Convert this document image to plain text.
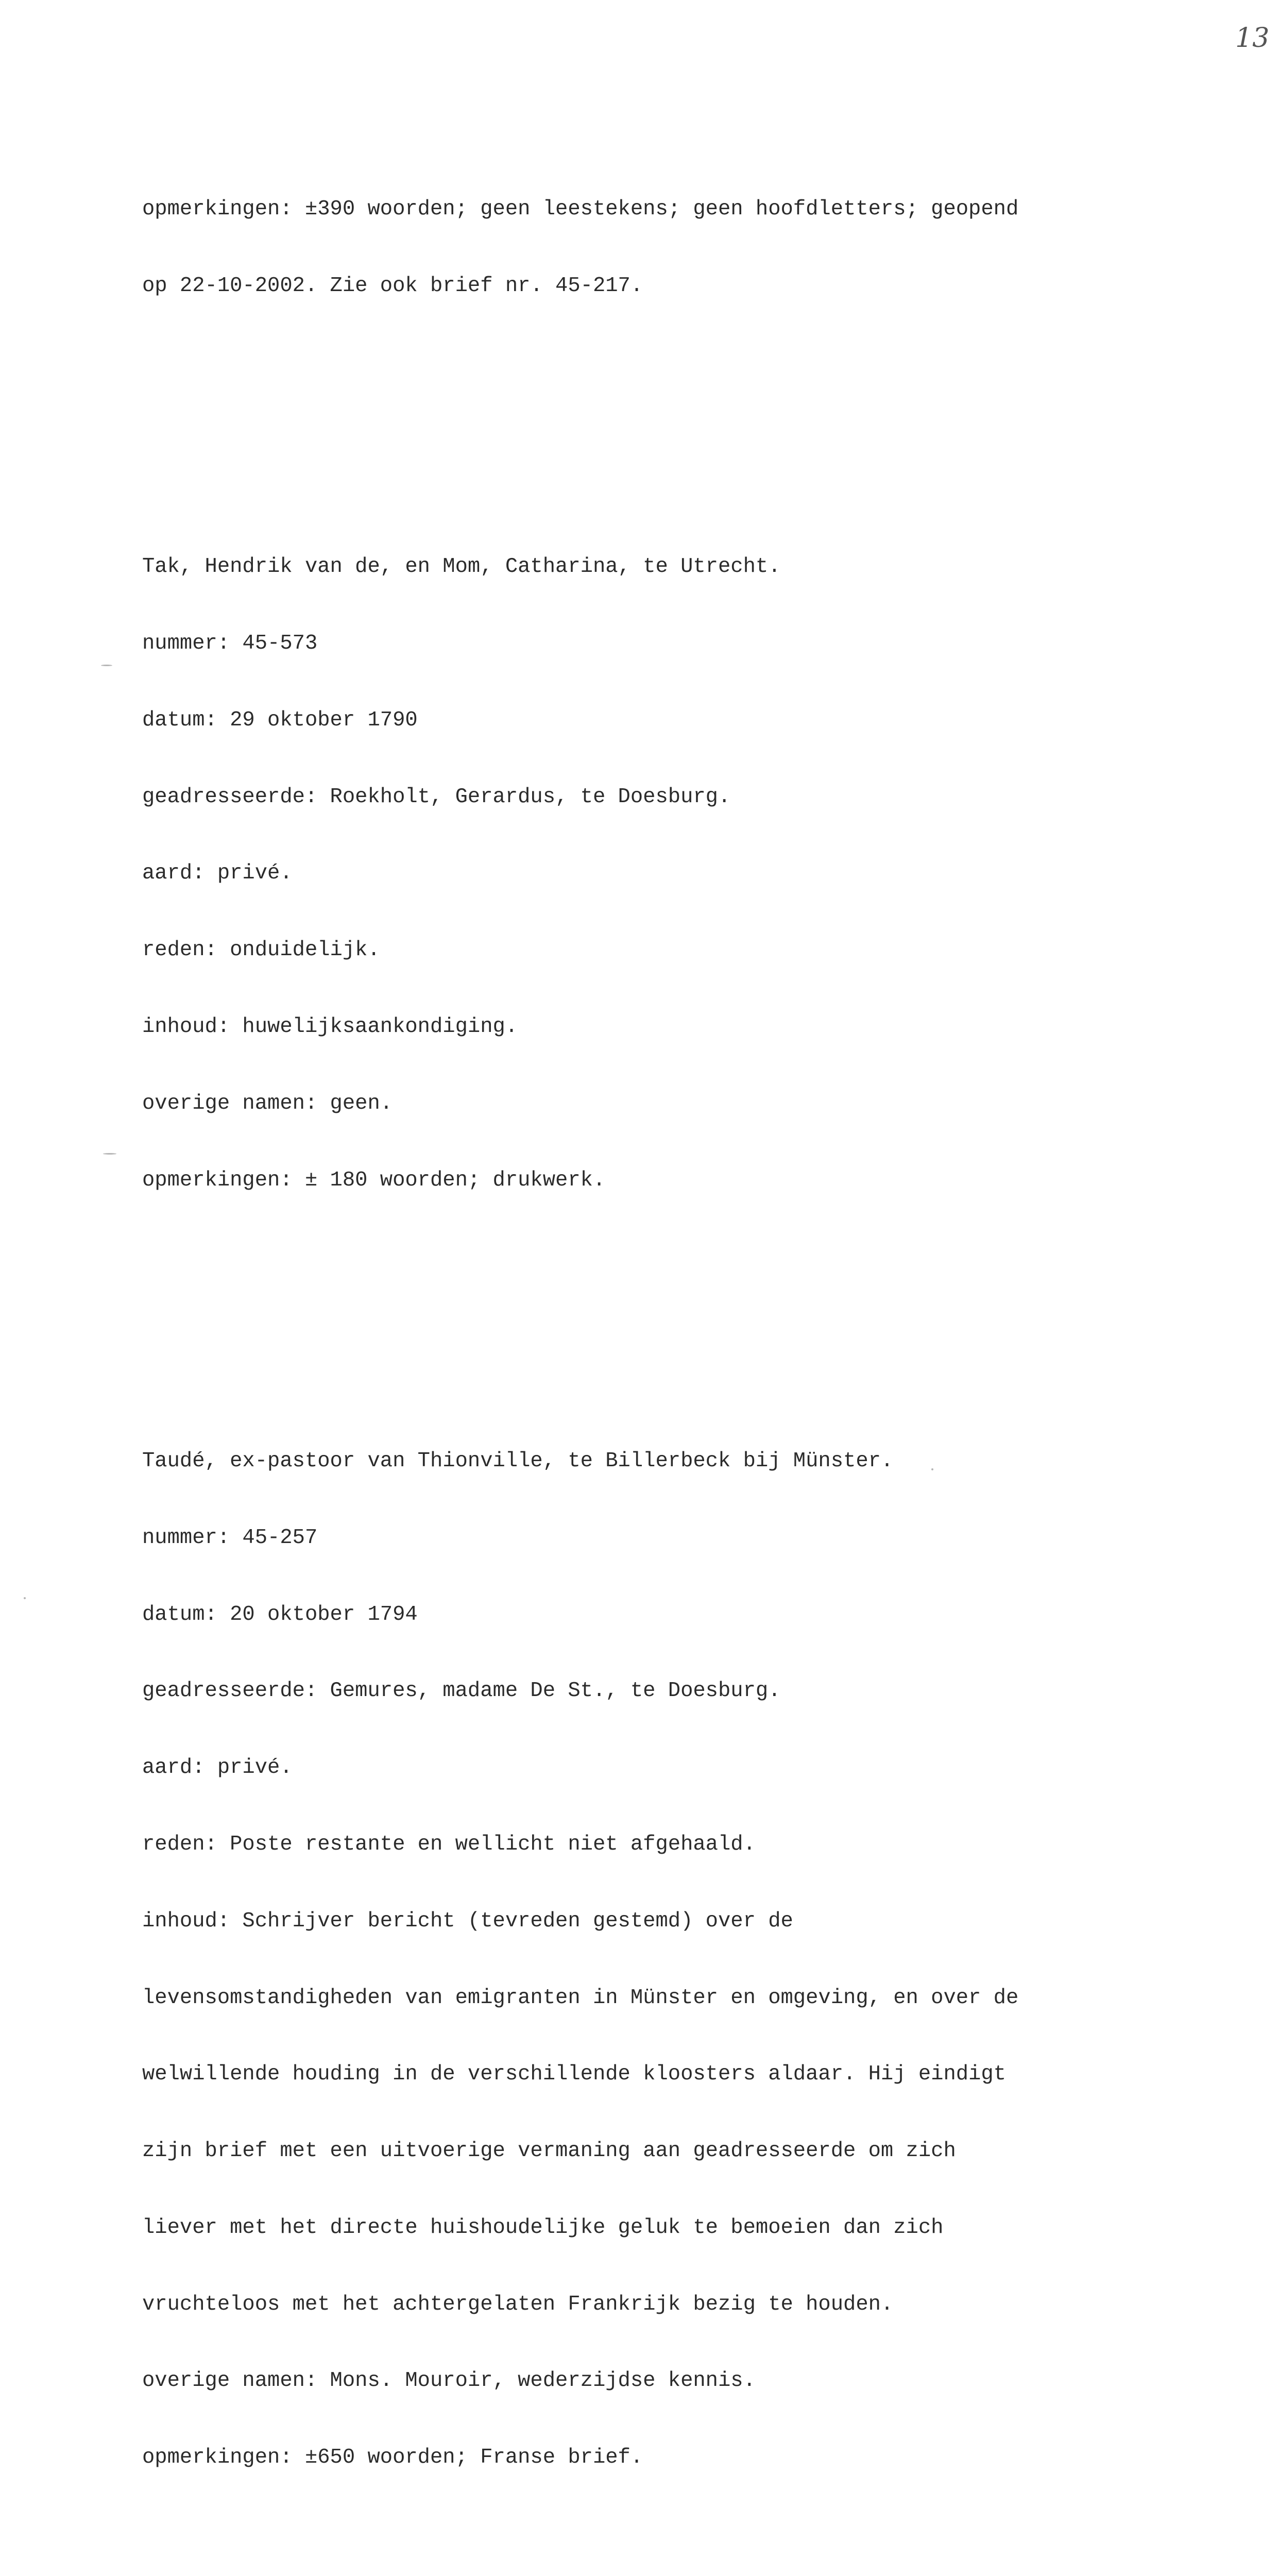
13

opmerkingen: ±390 woorden; geen leestekens; geen hoofdletters; geopend

op 22-10-2002. Zie ook brief nr. 45-217.

Tak, Hendrik van de, en Mom, Catharina, te Utrecht.

nummer: 45-573

datum: 29 oktober 1790

geadresseerde: Roekholt, Gerardus, te Doesburg.

aard: privé.

reden: onduidelijk.

inhoud: huwelijksaankondiging.

overige namen: geen.

opmerkingen: ± 180 woorden; drukwerk.

Taudé, ex-pastoor van Thionville, te Billerbeck bij Münster.

nummer: 45-257

datum: 20 oktober 1794

geadresseerde: Gemures, madame De St., te Doesburg.

aard: privé.

reden: Poste restante en wellicht niet afgehaald.

inhoud: Schrijver bericht (tevreden gestemd) over de

levensomstandigheden van emigranten in Münster en omgeving, en over de

welwillende houding in de verschillende kloosters aldaar. Hij eindigt

zijn brief met een uitvoerige vermaning aan geadresseerde om zich

liever met het directe huishoudelijke geluk te bemoeien dan zich

vruchteloos met het achtergelaten Frankrijk bezig te houden.

overige namen: Mons. Mouroir, wederzijdse kennis.

opmerkingen: ±650 woorden; Franse brief.
